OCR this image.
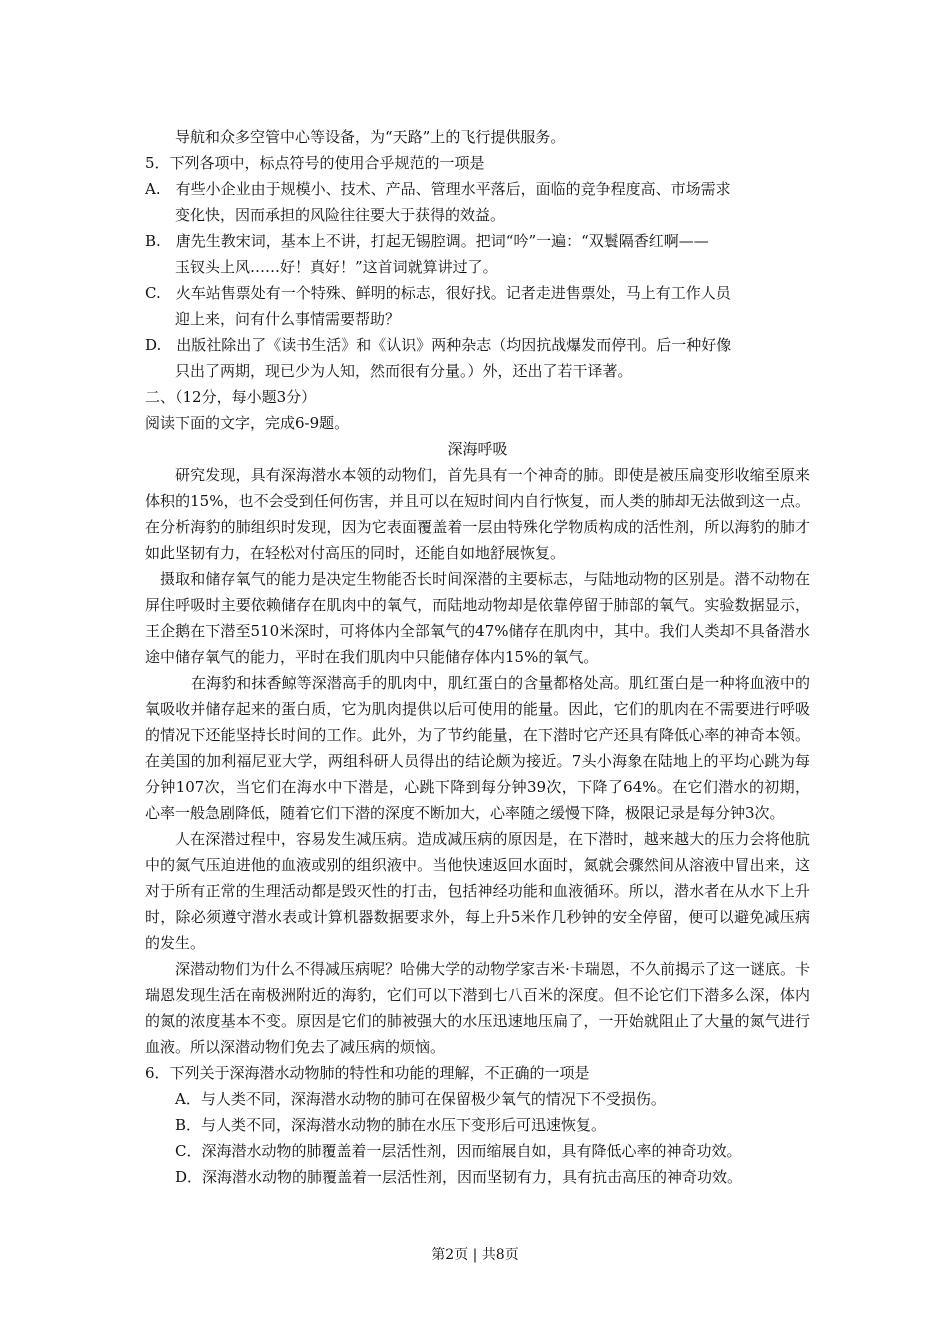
导航和众多空管中心等设备，为“天路”上的飞行提供服务。

5．下列各项中，标点符号的使用合乎规范的一项是

A.　有些小企业由于规模小、技术、产品、管理水平落后，面临的竞争程度高、市场需求
变化快，因而承担的风险往往要大于获得的效益。
B.　唐先生教宋词，基本上不讲，打起无锡腔调。把词“吟”一遍：“双鬟隔香红啊——
玉钗头上风……好！真好！”这首词就算讲过了。
C.　火车站售票处有一个特殊、鲜明的标志，很好找。记者走进售票处，马上有工作人员
迎上来，问有什么事情需要帮助？
D.　出版社除出了《读书生活》和《认识》两种杂志（均因抗战爆发而停刊。后一种好像
只出了两期，现已少为人知，然而很有分量。）外，还出了若干译著。

二、（12分，每小题3分）

阅读下面的文字，完成6-9题。

深海呼吸

研究发现，具有深海潜水本领的动物们，首先具有一个神奇的肺。即使是被压扁变形收缩至原来体积的15%，也不会受到任何伤害，并且可以在短时间内自行恢复，而人类的肺却无法做到这一点。在分析海豹的肺组织时发现，因为它表面覆盖着一层由特殊化学物质构成的活性剂，所以海豹的肺才如此坚韧有力，在轻松对付高压的同时，还能自如地舒展恢复。

摄取和储存氧气的能力是决定生物能否长时间深潜的主要标志，与陆地动物的区别是。潜不动物在屏住呼吸时主要依赖储存在肌肉中的氧气，而陆地动物却是依靠停留于肺部的氧气。实验数据显示，王企鹅在下潜至510米深时，可将体内全部氧气的47%储存在肌肉中，其中。我们人类却不具备潜水途中储存氧气的能力，平时在我们肌肉中只能储存体内15%的氧气。

在海豹和抹香鲸等深潜高手的肌肉中，肌红蛋白的含量都格处高。肌红蛋白是一种将血液中的氧吸收并储存起来的蛋白质，它为肌肉提供以后可使用的能量。因此，它们的肌肉在不需要进行呼吸的情况下还能坚持长时间的工作。此外，为了节约能量，在下潜时它产还具有降低心率的神奇本领。在美国的加利福尼亚大学，两组科研人员得出的结论颇为接近。7头小海象在陆地上的平均心跳为每分钟107次，当它们在海水中下潜是，心跳下降到每分钟39次，下降了64%。在它们潜水的初期，心率一般急剧降低，随着它们下潜的深度不断加大，心率随之缓慢下降，极限记录是每分钟3次。

人在深潜过程中，容易发生减压病。造成减压病的原因是，在下潜时，越来越大的压力会将他肮中的氮气压迫进他的血液或别的组织液中。当他快速返回水面时，氮就会骤然间从溶液中冒出来，这对于所有正常的生理活动都是毁灭性的打击，包括神经功能和血液循环。所以，潜水者在从水下上升时，除必须遵守潜水表或计算机器数据要求外，每上升5米作几秒钟的安全停留，便可以避免减压病的发生。

深潜动物们为什么不得减压病呢？哈佛大学的动物学家吉米·卡瑞恩，不久前揭示了这一谜底。卡瑞恩发现生活在南极洲附近的海豹，它们可以下潜到七八百米的深度。但不论它们下潜多么深，体内的氮的浓度基本不变。原因是它们的肺被强大的水压迅速地压扁了，一开始就阻止了大量的氮气进行血液。所以深潜动物们免去了减压病的烦恼。

6．下列关于深海潜水动物肺的特性和功能的理解，不正确的一项是

A．与人类不同，深海潜水动物的肺可在保留极少氧气的情况下不受损伤。

B．与人类不同，深海潜水动物的肺在水压下变形后可迅速恢复。

C．深海潜水动物的肺覆盖着一层活性剂，因而缩展自如，具有降低心率的神奇功效。

D．深海潜水动物的肺覆盖着一层活性剂，因而坚韧有力，具有抗击高压的神奇功效。

第2页 | 共8页
